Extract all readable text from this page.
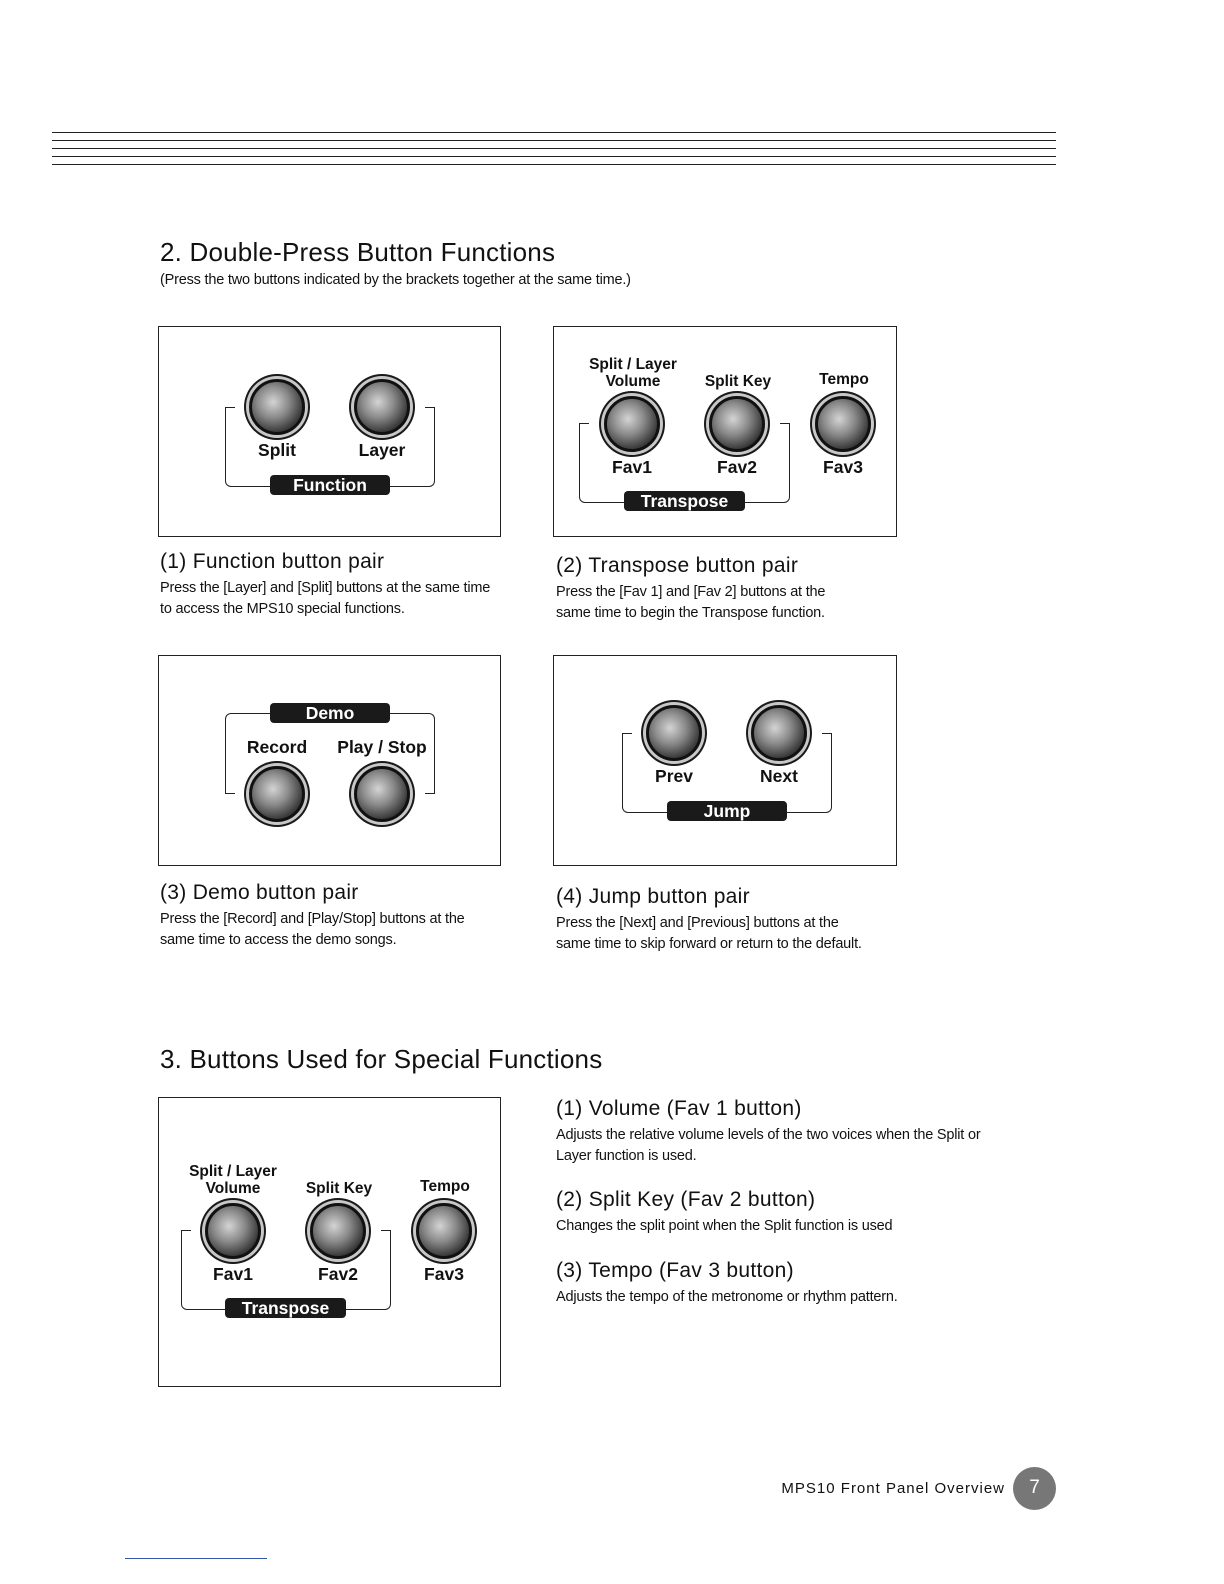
2. Double-Press Button Functions
(Press the two buttons indicated by the brackets together at the same time.)
Split	Layer
Function
(1) Function button pair
Press the [Layer] and [Split] buttons at the same time
to access the MPS10 special functions.
Split / Layer
Volume	Split Key	Tempo
Fav1	Fav2	Fav3
Transpose
(2) Transpose button pair
Press the [Fav 1] and [Fav 2] buttons at the
same time to begin the Transpose function.
Demo
Record	Play / Stop
(3) Demo button pair
Press the [Record] and [Play/Stop] buttons at the
same time to access the demo songs.
Prev	Next
Jump
(4) Jump button pair
Press the [Next] and [Previous] buttons at the
same time to skip forward or return to the default.
3. Buttons Used for Special Functions
Split / Layer
Volume	Split Key	Tempo
Fav1	Fav2	Fav3
Transpose
(1) Volume (Fav 1 button)
Adjusts the relative volume levels of the two voices when the Split or
Layer function is used.
(2) Split Key (Fav 2 button)
Changes the split point when the Split function is used
(3) Tempo (Fav 3 button)
Adjusts the tempo of the metronome or rhythm pattern.
MPS10 Front Panel Overview	7
